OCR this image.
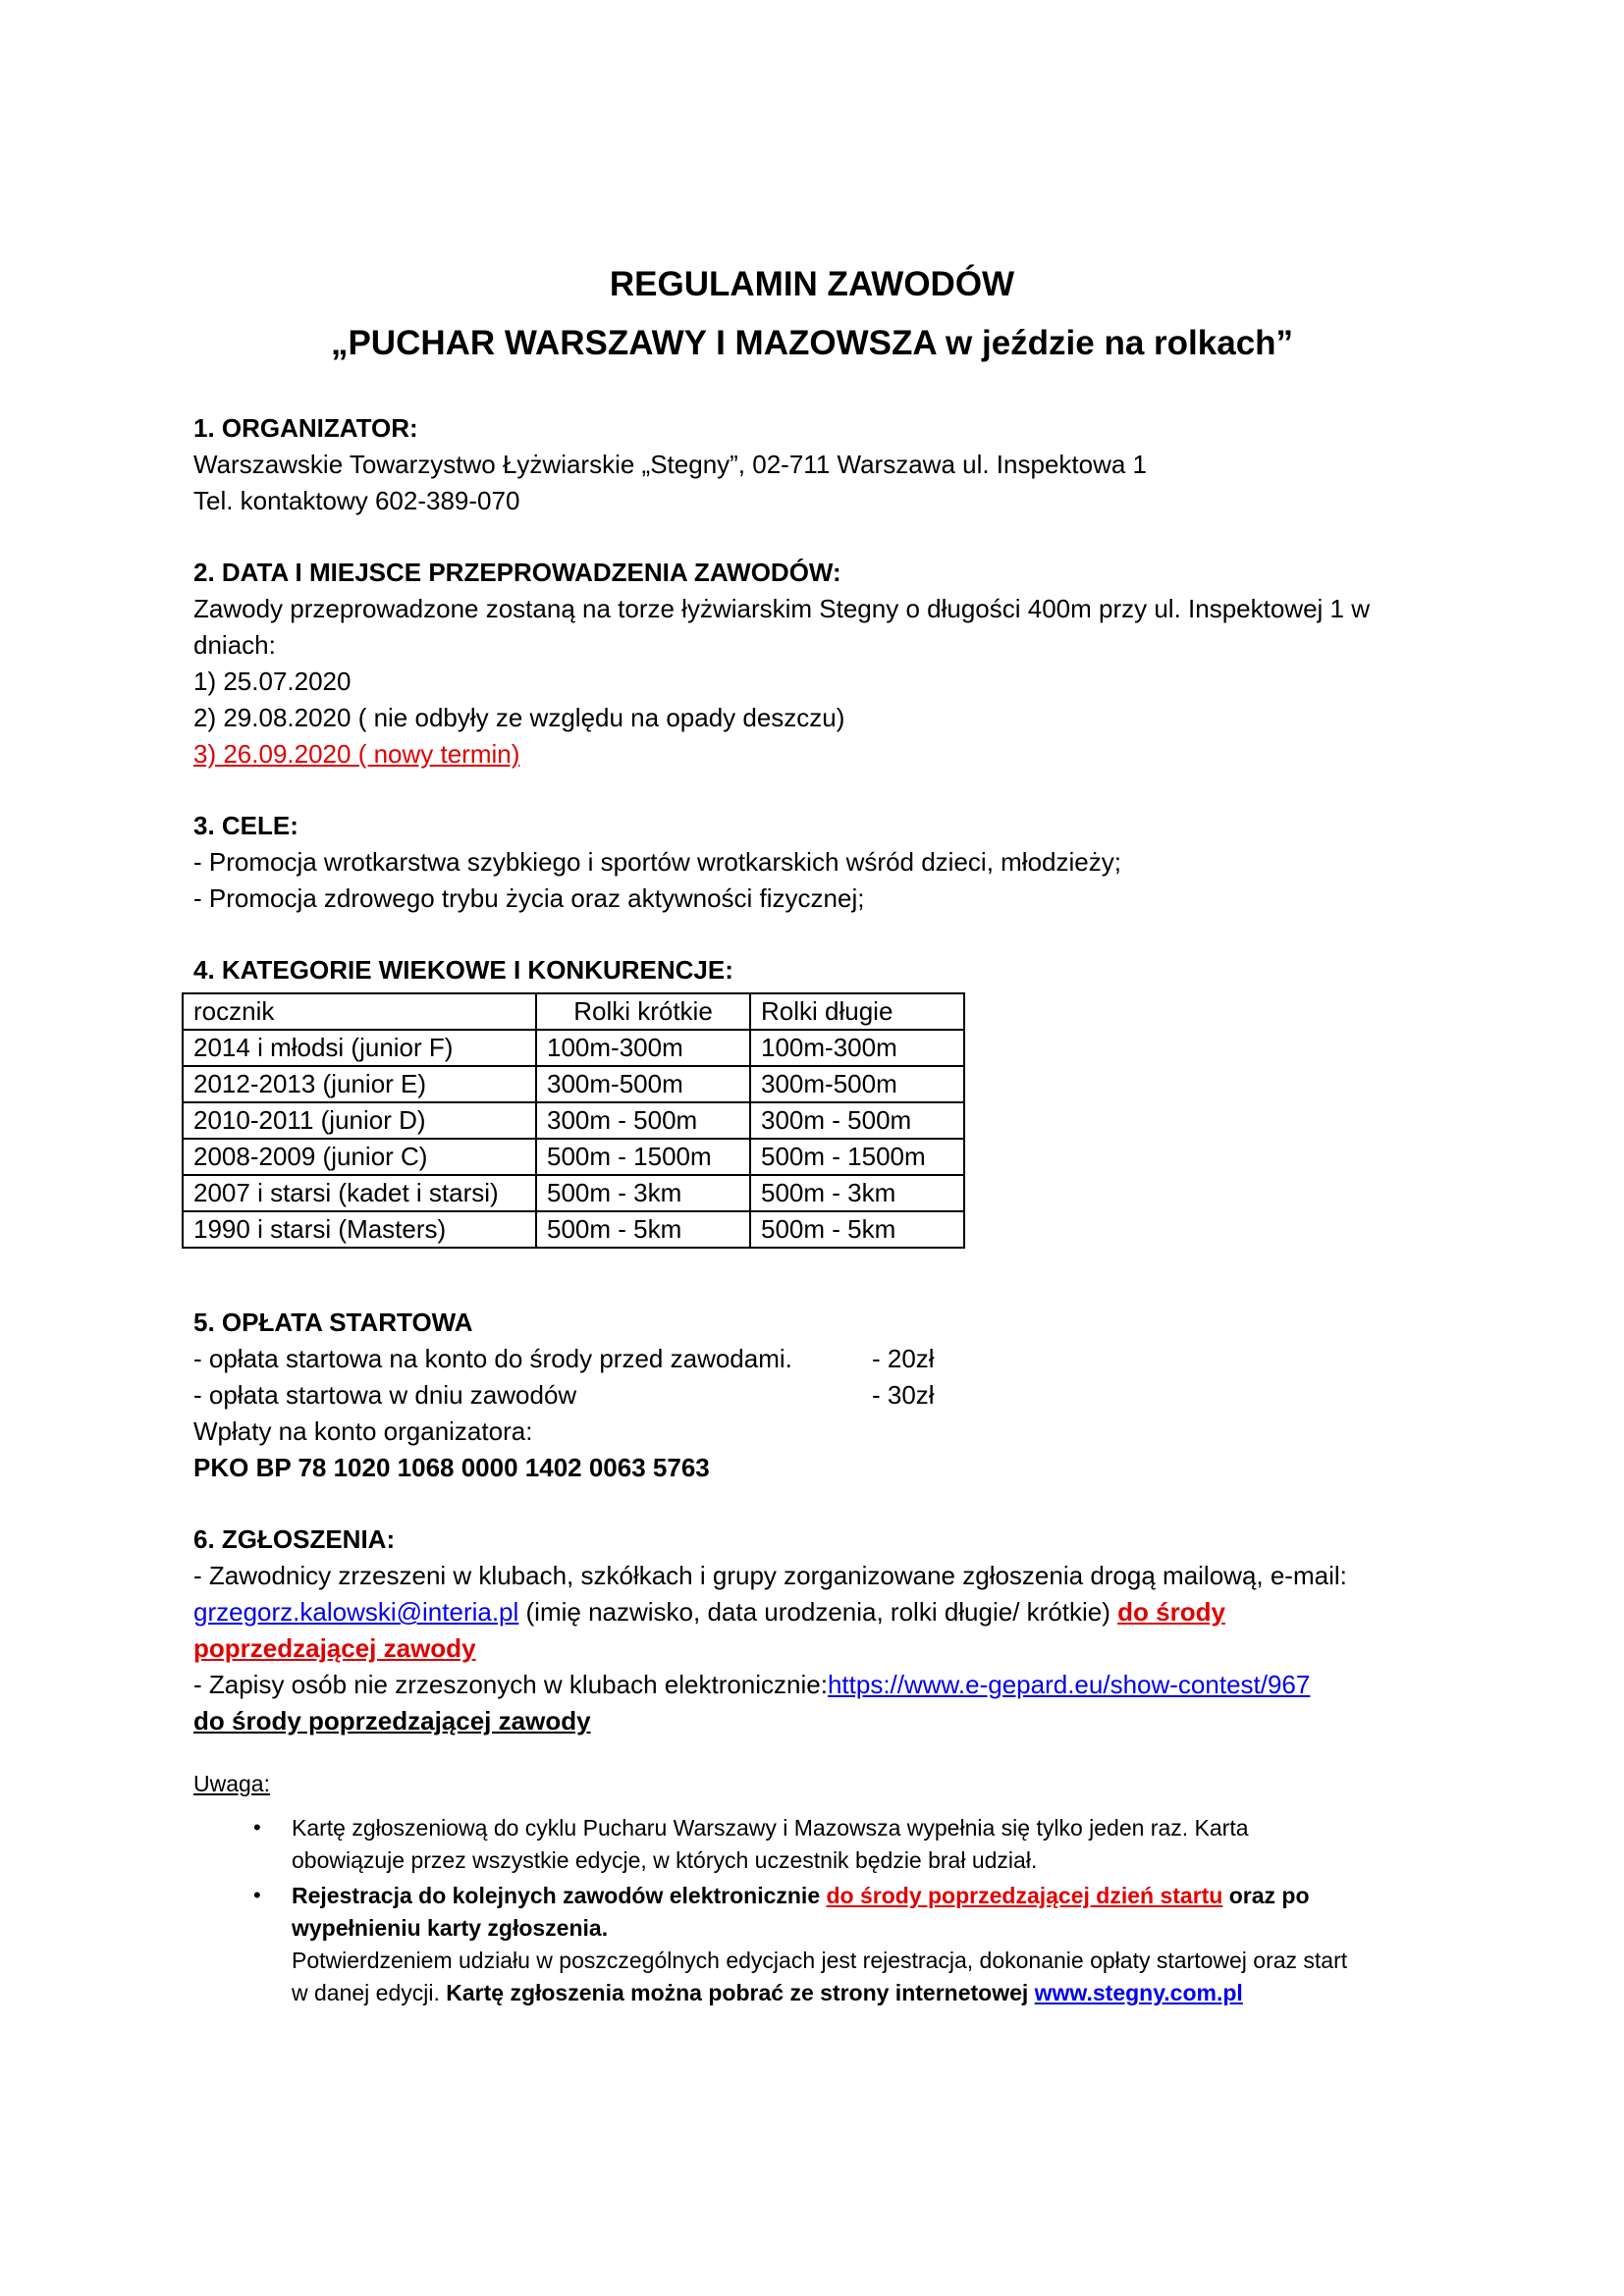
REGULAMIN ZAWODÓW
„PUCHAR WARSZAWY I MAZOWSZA w jeździe na rolkach”
1. ORGANIZATOR:
Warszawskie Towarzystwo Łyżwiarskie „Stegny”, 02-711 Warszawa ul. Inspektowa 1
Tel. kontaktowy 602-389-070
2. DATA I MIEJSCE PRZEPROWADZENIA ZAWODÓW:
Zawody przeprowadzone zostaną na torze łyżwiarskim Stegny o długości 400m przy ul. Inspektowej 1 w
dniach:
1) 25.07.2020
2) 29.08.2020 ( nie odbyły ze względu na opady deszczu)
3) 26.09.2020 ( nowy termin)
3. CELE:
- Promocja wrotkarstwa szybkiego i sportów wrotkarskich wśród dzieci, młodzieży;
- Promocja zdrowego trybu życia oraz aktywności fizycznej;
4. KATEGORIE WIEKOWE I KONKURENCJE:
rocznik	Rolki krótkie	Rolki długie
2014 i młodsi (junior F)	100m-300m	100m-300m
2012-2013 (junior E)	300m-500m	300m-500m
2010-2011 (junior D)	300m - 500m	300m - 500m
2008-2009 (junior C)	500m - 1500m	500m - 1500m
2007 i starsi (kadet i starsi)	500m - 3km	500m - 3km
1990 i starsi (Masters)	500m - 5km	500m - 5km
5. OPŁATA STARTOWA
- opłata startowa na konto do środy przed zawodami.	- 20zł
- opłata startowa w dniu zawodów	- 30zł
Wpłaty na konto organizatora:
PKO BP 78 1020 1068 0000 1402 0063 5763
6. ZGŁOSZENIA:
- Zawodnicy zrzeszeni w klubach, szkółkach i grupy zorganizowane zgłoszenia drogą mailową, e-mail:
grzegorz.kalowski@interia.pl (imię nazwisko, data urodzenia, rolki długie/ krótkie) do środy
poprzedzającej zawody
- Zapisy osób nie zrzeszonych w klubach elektronicznie:https://www.e-gepard.eu/show-contest/967
do środy poprzedzającej zawody
Uwaga:
• Kartę zgłoszeniową do cyklu Pucharu Warszawy i Mazowsza wypełnia się tylko jeden raz. Karta
obowiązuje przez wszystkie edycje, w których uczestnik będzie brał udział.
• Rejestracja do kolejnych zawodów elektronicznie do środy poprzedzającej dzień startu oraz po
wypełnieniu karty zgłoszenia.
Potwierdzeniem udziału w poszczególnych edycjach jest rejestracja, dokonanie opłaty startowej oraz start
w danej edycji. Kartę zgłoszenia można pobrać ze strony internetowej www.stegny.com.pl
